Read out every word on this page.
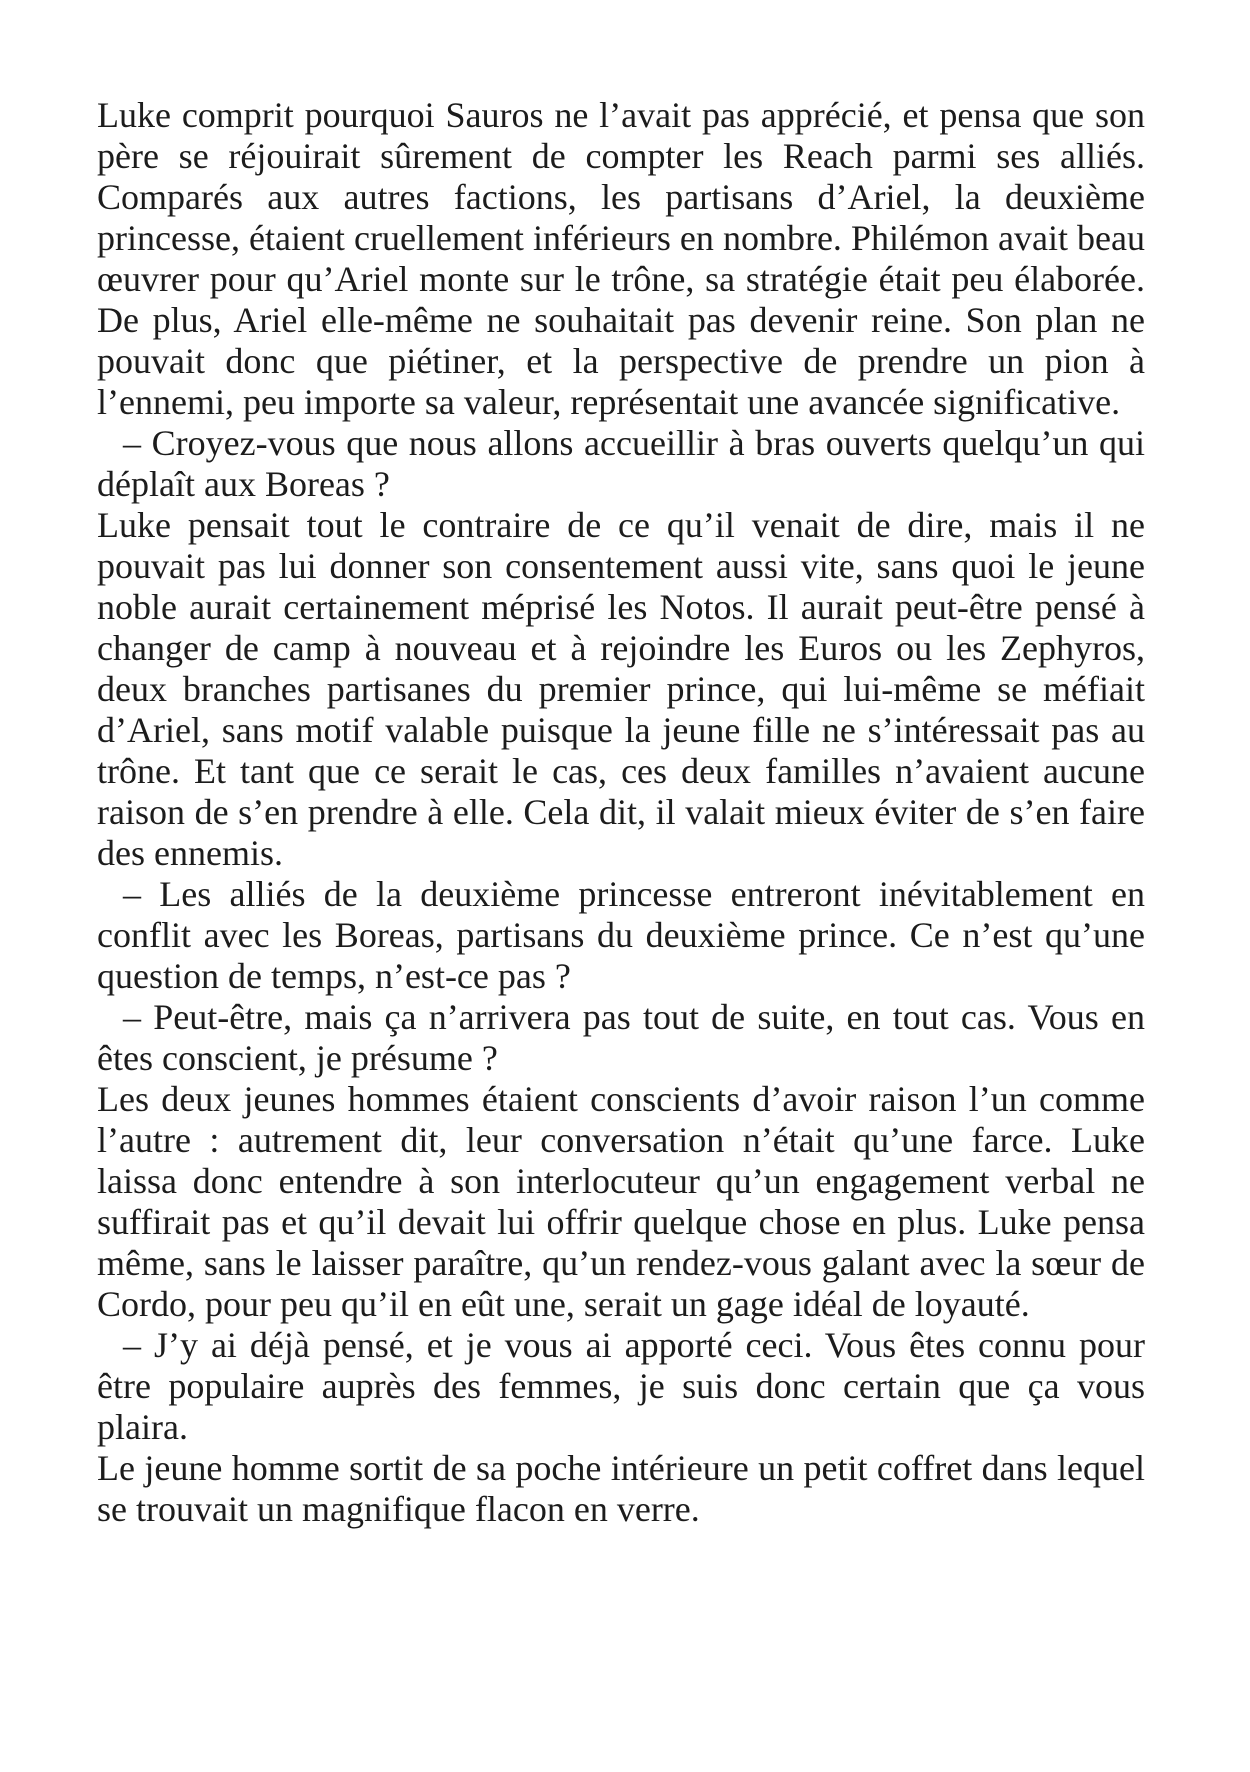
Luke comprit pourquoi Sauros ne l’avait pas apprécié, et pensa que son père se réjouirait sûrement de compter les Reach parmi ses alliés. Comparés aux autres factions, les partisans d’Ariel, la deuxième princesse, étaient cruellement inférieurs en nombre. Philémon avait beau œuvrer pour qu’Ariel monte sur le trône, sa stratégie était peu élaborée. De plus, Ariel elle-même ne souhaitait pas devenir reine. Son plan ne pouvait donc que piétiner, et la perspective de prendre un pion à l’ennemi, peu importe sa valeur, représentait une avancée significative.

– Croyez-vous que nous allons accueillir à bras ouverts quelqu’un qui déplaît aux Boreas ?

Luke pensait tout le contraire de ce qu’il venait de dire, mais il ne pouvait pas lui donner son consentement aussi vite, sans quoi le jeune noble aurait certainement méprisé les Notos. Il aurait peut-être pensé à changer de camp à nouveau et à rejoindre les Euros ou les Zephyros, deux branches partisanes du premier prince, qui lui-même se méfiait d’Ariel, sans motif valable puisque la jeune fille ne s’intéressait pas au trône. Et tant que ce serait le cas, ces deux familles n’avaient aucune raison de s’en prendre à elle. Cela dit, il valait mieux éviter de s’en faire des ennemis.

– Les alliés de la deuxième princesse entreront inévitablement en conflit avec les Boreas, partisans du deuxième prince. Ce n’est qu’une question de temps, n’est-ce pas ?

– Peut-être, mais ça n’arrivera pas tout de suite, en tout cas. Vous en êtes conscient, je présume ?

Les deux jeunes hommes étaient conscients d’avoir raison l’un comme l’autre : autrement dit, leur conversation n’était qu’une farce. Luke laissa donc entendre à son interlocuteur qu’un engagement verbal ne suffirait pas et qu’il devait lui offrir quelque chose en plus. Luke pensa même, sans le laisser paraître, qu’un rendez-vous galant avec la sœur de Cordo, pour peu qu’il en eût une, serait un gage idéal de loyauté.

– J’y ai déjà pensé, et je vous ai apporté ceci. Vous êtes connu pour être populaire auprès des femmes, je suis donc certain que ça vous plaira.

Le jeune homme sortit de sa poche intérieure un petit coffret dans lequel se trouvait un magnifique flacon en verre.
